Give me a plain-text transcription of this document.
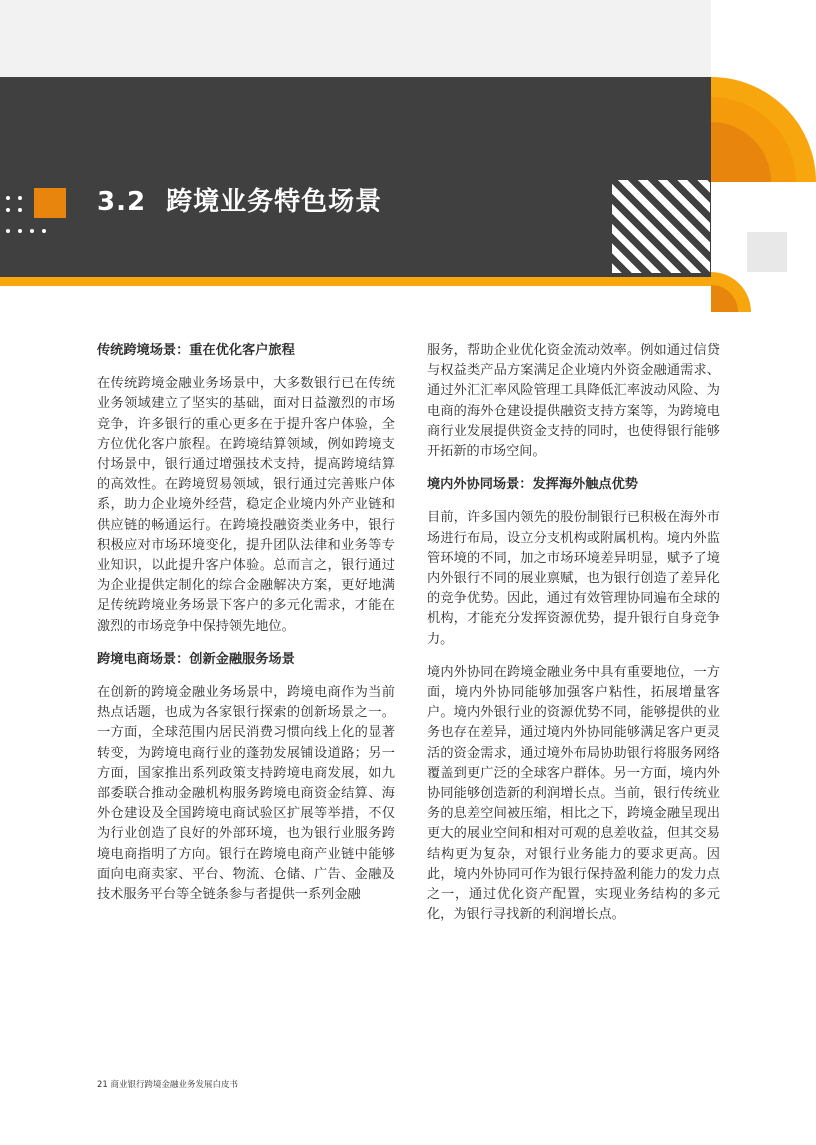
3.2 跨境业务特色场景
传统跨境场景：重在优化客户旅程

在传统跨境金融业务场景中，大多数银行已在传统业务领域建立了坚实的基础，面对日益激烈的市场竞争，许多银行的重心更多在于提升客户体验，全方位优化客户旅程。在跨境结算领域，例如跨境支付场景中，银行通过增强技术支持，提高跨境结算的高效性。在跨境贸易领域，银行通过完善账户体系，助力企业境外经营，稳定企业境内外产业链和供应链的畅通运行。在跨境投融资类业务中，银行积极应对市场环境变化，提升团队法律和业务等专业知识，以此提升客户体验。总而言之，银行通过为企业提供定制化的综合金融解决方案，更好地满足传统跨境业务场景下客户的多元化需求，才能在激烈的市场竞争中保持领先地位。

跨境电商场景：创新金融服务场景

在创新的跨境金融业务场景中，跨境电商作为当前热点话题，也成为各家银行探索的创新场景之一。一方面，全球范围内居民消费习惯向线上化的显著转变，为跨境电商行业的蓬勃发展铺设道路；另一方面，国家推出系列政策支持跨境电商发展，如九部委联合推动金融机构服务跨境电商资金结算、海外仓建设及全国跨境电商试验区扩展等举措，不仅为行业创造了良好的外部环境，也为银行业服务跨境电商指明了方向。银行在跨境电商产业链中能够面向电商卖家、平台、物流、仓储、广告、金融及技术服务平台等全链条参与者提供一系列金融

服务，帮助企业优化资金流动效率。例如通过信贷与权益类产品方案满足企业境内外资金融通需求、通过外汇汇率风险管理工具降低汇率波动风险、为电商的海外仓建设提供融资支持方案等，为跨境电商行业发展提供资金支持的同时，也使得银行能够开拓新的市场空间。

境内外协同场景：发挥海外触点优势

目前，许多国内领先的股份制银行已积极在海外市场进行布局，设立分支机构或附属机构。境内外监管环境的不同，加之市场环境差异明显，赋予了境内外银行不同的展业禀赋，也为银行创造了差异化的竞争优势。因此，通过有效管理协同遍布全球的机构，才能充分发挥资源优势，提升银行自身竞争力。

境内外协同在跨境金融业务中具有重要地位，一方面，境内外协同能够加强客户粘性，拓展增量客户。境内外银行业的资源优势不同，能够提供的业务也存在差异，通过境内外协同能够满足客户更灵活的资金需求，通过境外布局协助银行将服务网络覆盖到更广泛的全球客户群体。另一方面，境内外协同能够创造新的利润增长点。当前，银行传统业务的息差空间被压缩，相比之下，跨境金融呈现出更大的展业空间和相对可观的息差收益，但其交易结构更为复杂，对银行业务能力的要求更高。因此，境内外协同可作为银行保持盈利能力的发力点之一，通过优化资产配置，实现业务结构的多元化，为银行寻找新的利润增长点。

21 商业银行跨境金融业务发展白皮书
